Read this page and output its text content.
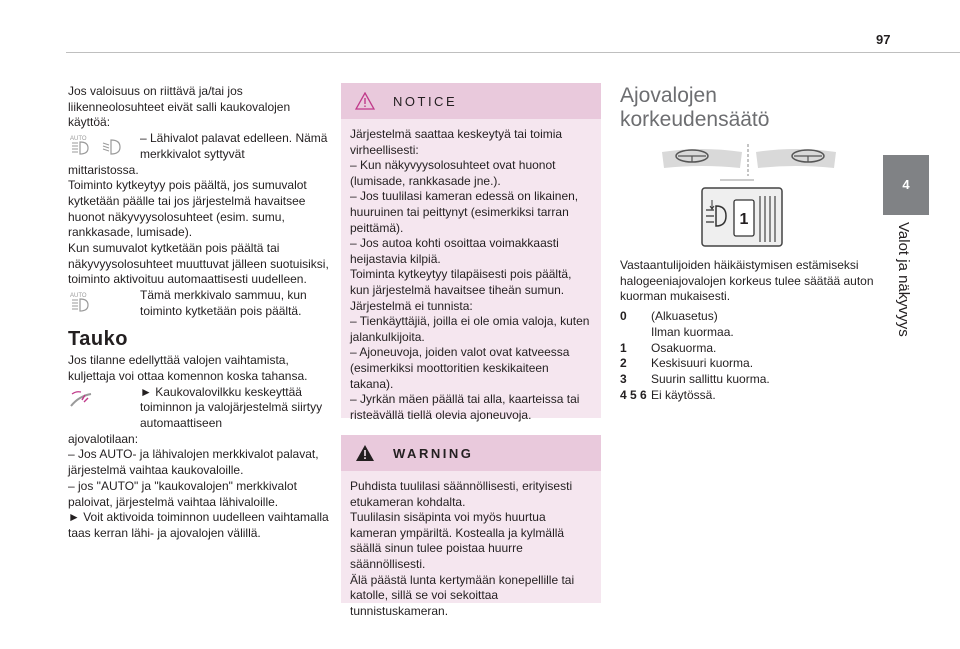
97
4
Valot ja näkyvyys

Jos valoisuus on riittävä ja/tai jos liikenneolosuhteet eivät salli kaukovalojen käyttöä:

AUTO	– Lähivalot palavat edelleen. Nämä merkkivalot syttyvät

mittaristossa.

Toiminto kytkeytyy pois päältä, jos sumuvalot kytketään päälle tai jos järjestelmä havaitsee huonot näkyvyysolosuhteet (esim. sumu, rankkasade, lumisade).

Kun sumuvalot kytketään pois päältä tai näkyvyysolosuhteet muuttuvat jälleen suotuisiksi, toiminto aktivoituu automaattisesti uudelleen.

AUTO	Tämä merkkivalo sammuu, kun toiminto kytketään pois päältä.

Tauko

Jos tilanne edellyttää valojen vaihtamista, kuljettaja voi ottaa komennon koska tahansa.

► Kaukovalovilkku keskeyttää toiminnon ja valojärjestelmä siirtyy automaattiseen

ajovalotilaan:

– Jos AUTO- ja lähivalojen merkkivalot palavat, järjestelmä vaihtaa kaukovaloille.

– jos "AUTO" ja "kaukovalojen" merkkivalot paloivat, järjestelmä vaihtaa lähivaloille.

► Voit aktivoida toiminnon uudelleen vaihtamalla taas kerran lähi- ja ajovalojen välillä.

NOTICE

Järjestelmä saattaa keskeytyä tai toimia virheellisesti:

– Kun näkyvyysolosuhteet ovat huonot (lumisade, rankkasade jne.).

– Jos tuulilasi kameran edessä on likainen, huuruinen tai peittynyt (esimerkiksi tarran peittämä).

– Jos autoa kohti osoittaa voimakkaasti heijastavia kilpiä.

Toiminta kytkeytyy tilapäisesti pois päältä, kun järjestelmä havaitsee tiheän sumun.

Järjestelmä ei tunnista:

– Tienkäyttäjiä, joilla ei ole omia valoja, kuten jalankulkijoita.

– Ajoneuvoja, joiden valot ovat katveessa (esimerkiksi moottoritien keskikaiteen takana).

– Jyrkän mäen päällä tai alla, kaarteissa tai risteävällä tiellä olevia ajoneuvoja.

WARNING

Puhdista tuulilasi säännöllisesti, erityisesti etukameran kohdalta.

Tuulilasin sisäpinta voi myös huurtua kameran ympäriltä. Kostealla ja kylmällä säällä sinun tulee poistaa huurre säännöllisesti.

Älä päästä lunta kertymään konepellille tai katolle, sillä se voi sekoittaa tunnistuskameran.

Ajovalojen korkeudensäätö
1

Vastaantulijoiden häikäistymisen estämiseksi halogeeniajovalojen korkeus tulee säätää auton kuorman mukaisesti.

0	(Alkuasetus)
Ilman kuormaa.
1	Osakuorma.
2	Keskisuuri kuorma.
3	Suurin sallittu kuorma.
4 5 6 Ei käytössä.
